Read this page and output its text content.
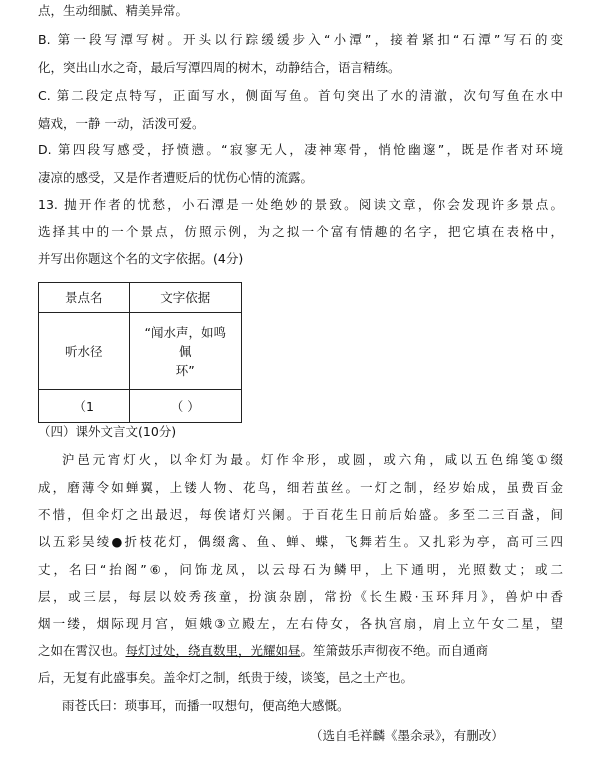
点，生动细腻、精美异常。
B. 第一段写潭写树。开头以行踪缓缓步入“小潭”，接着紧扣“石潭”写石的变
化，突出山水之奇，最后写潭四周的树木，动静结合，语言精练。
C. 第二段定点特写，正面写水，侧面写鱼。首句突出了水的清澈，次句写鱼在水中
嬉戏，一静 一动，活泼可爱。
D. 第四段写感受，抒愤懑。“寂寥无人，凄神寒骨，悄怆幽邃”，既是作者对环境
凄凉的感受，又是作者遭贬后的忧伤心情的流露。
13. 抛开作者的忧愁，小石潭是一处绝妙的景致。阅读文章，你会发现许多景点。
选择其中的一个景点，仿照示例，为之拟一个富有情趣的名字，把它填在表格中，
并写出你题这个名的文字依据。(4分)
景点名	文字依据
听水径	“闻水声，如鸣
佩
环”

（1	（ ）
（四）课外文言文(10分)
沪邑元宵灯火，以伞灯为最。灯作伞形，或圆，或六角，咸以五色绵笺①缀
成，磨薄令如蝉翼，上镂人物、花鸟，细若茧丝。一灯之制，经岁始成，虽费百金
不惜，但伞灯之出最迟，每俟诸灯兴阑。于百花生日前后始盛。多至二三百盏，间
以五彩吴绫●折枝花灯，偶缀禽、鱼、蝉、蝶，飞舞若生。又扎彩为亭，高可三四
丈，名曰“抬阁”⑥，问饰龙凤，以云母石为鳞甲，上下通明，光照数丈；或二
层，或三层，每层以姣秀孩童，扮演杂剧，常扮《长生殿·玉环拜月》，兽炉中香
烟一缕，烟际现月宫，姮娥③立殿左，左右侍女，各执宫扇，肩上立午女二星，望
之如在霄汉也。每灯过处，绕直数里，光耀如昼。笙箫鼓乐声彻夜不绝。而自通商
后，无复有此盛事矣。盖伞灯之制，纸贵于绫，谈笺，邑之土产也。
雨苍氏曰：琐事耳，而播一叹想句，便高绝大感慨。
（选自毛祥麟《墨余录》，有删改）
